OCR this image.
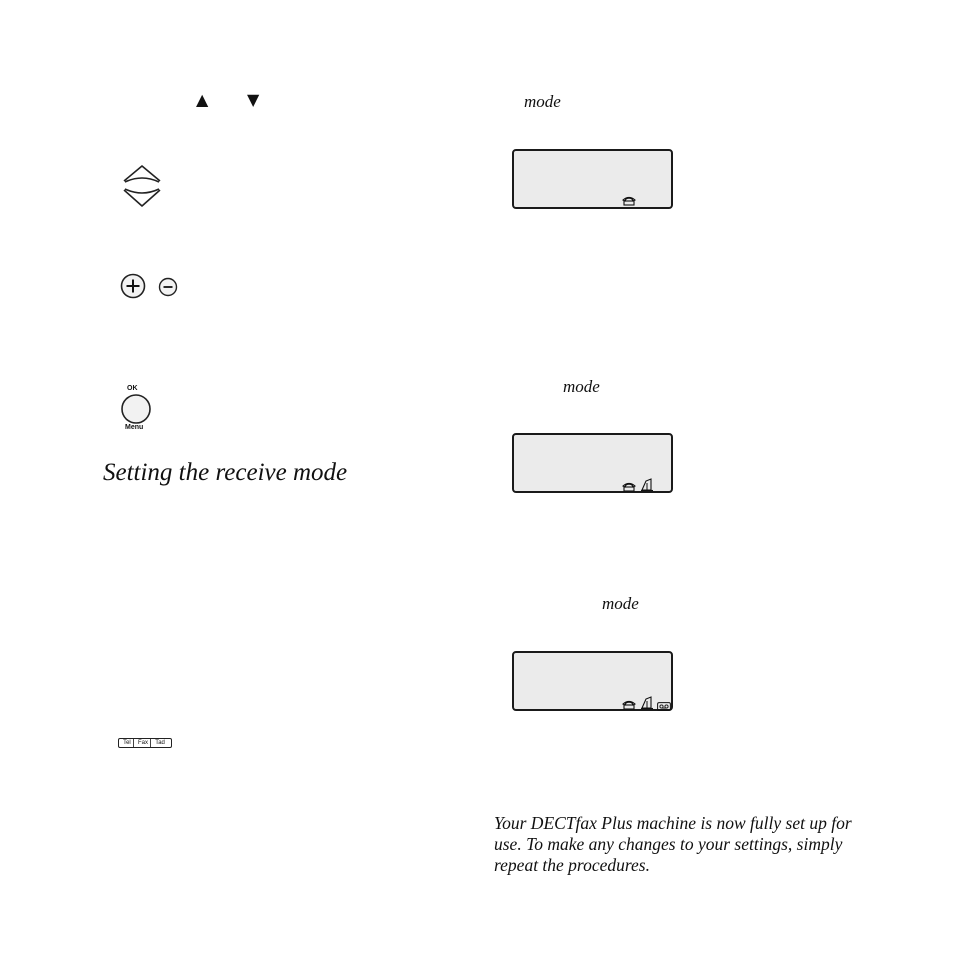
▲ ▼
OK
Menu
Setting the receive mode
Tel	Fax	Tad
mode
mode
mode
Your DECTfax Plus machine is now fully set up for use. To make any changes to your settings, simply repeat the procedures.
